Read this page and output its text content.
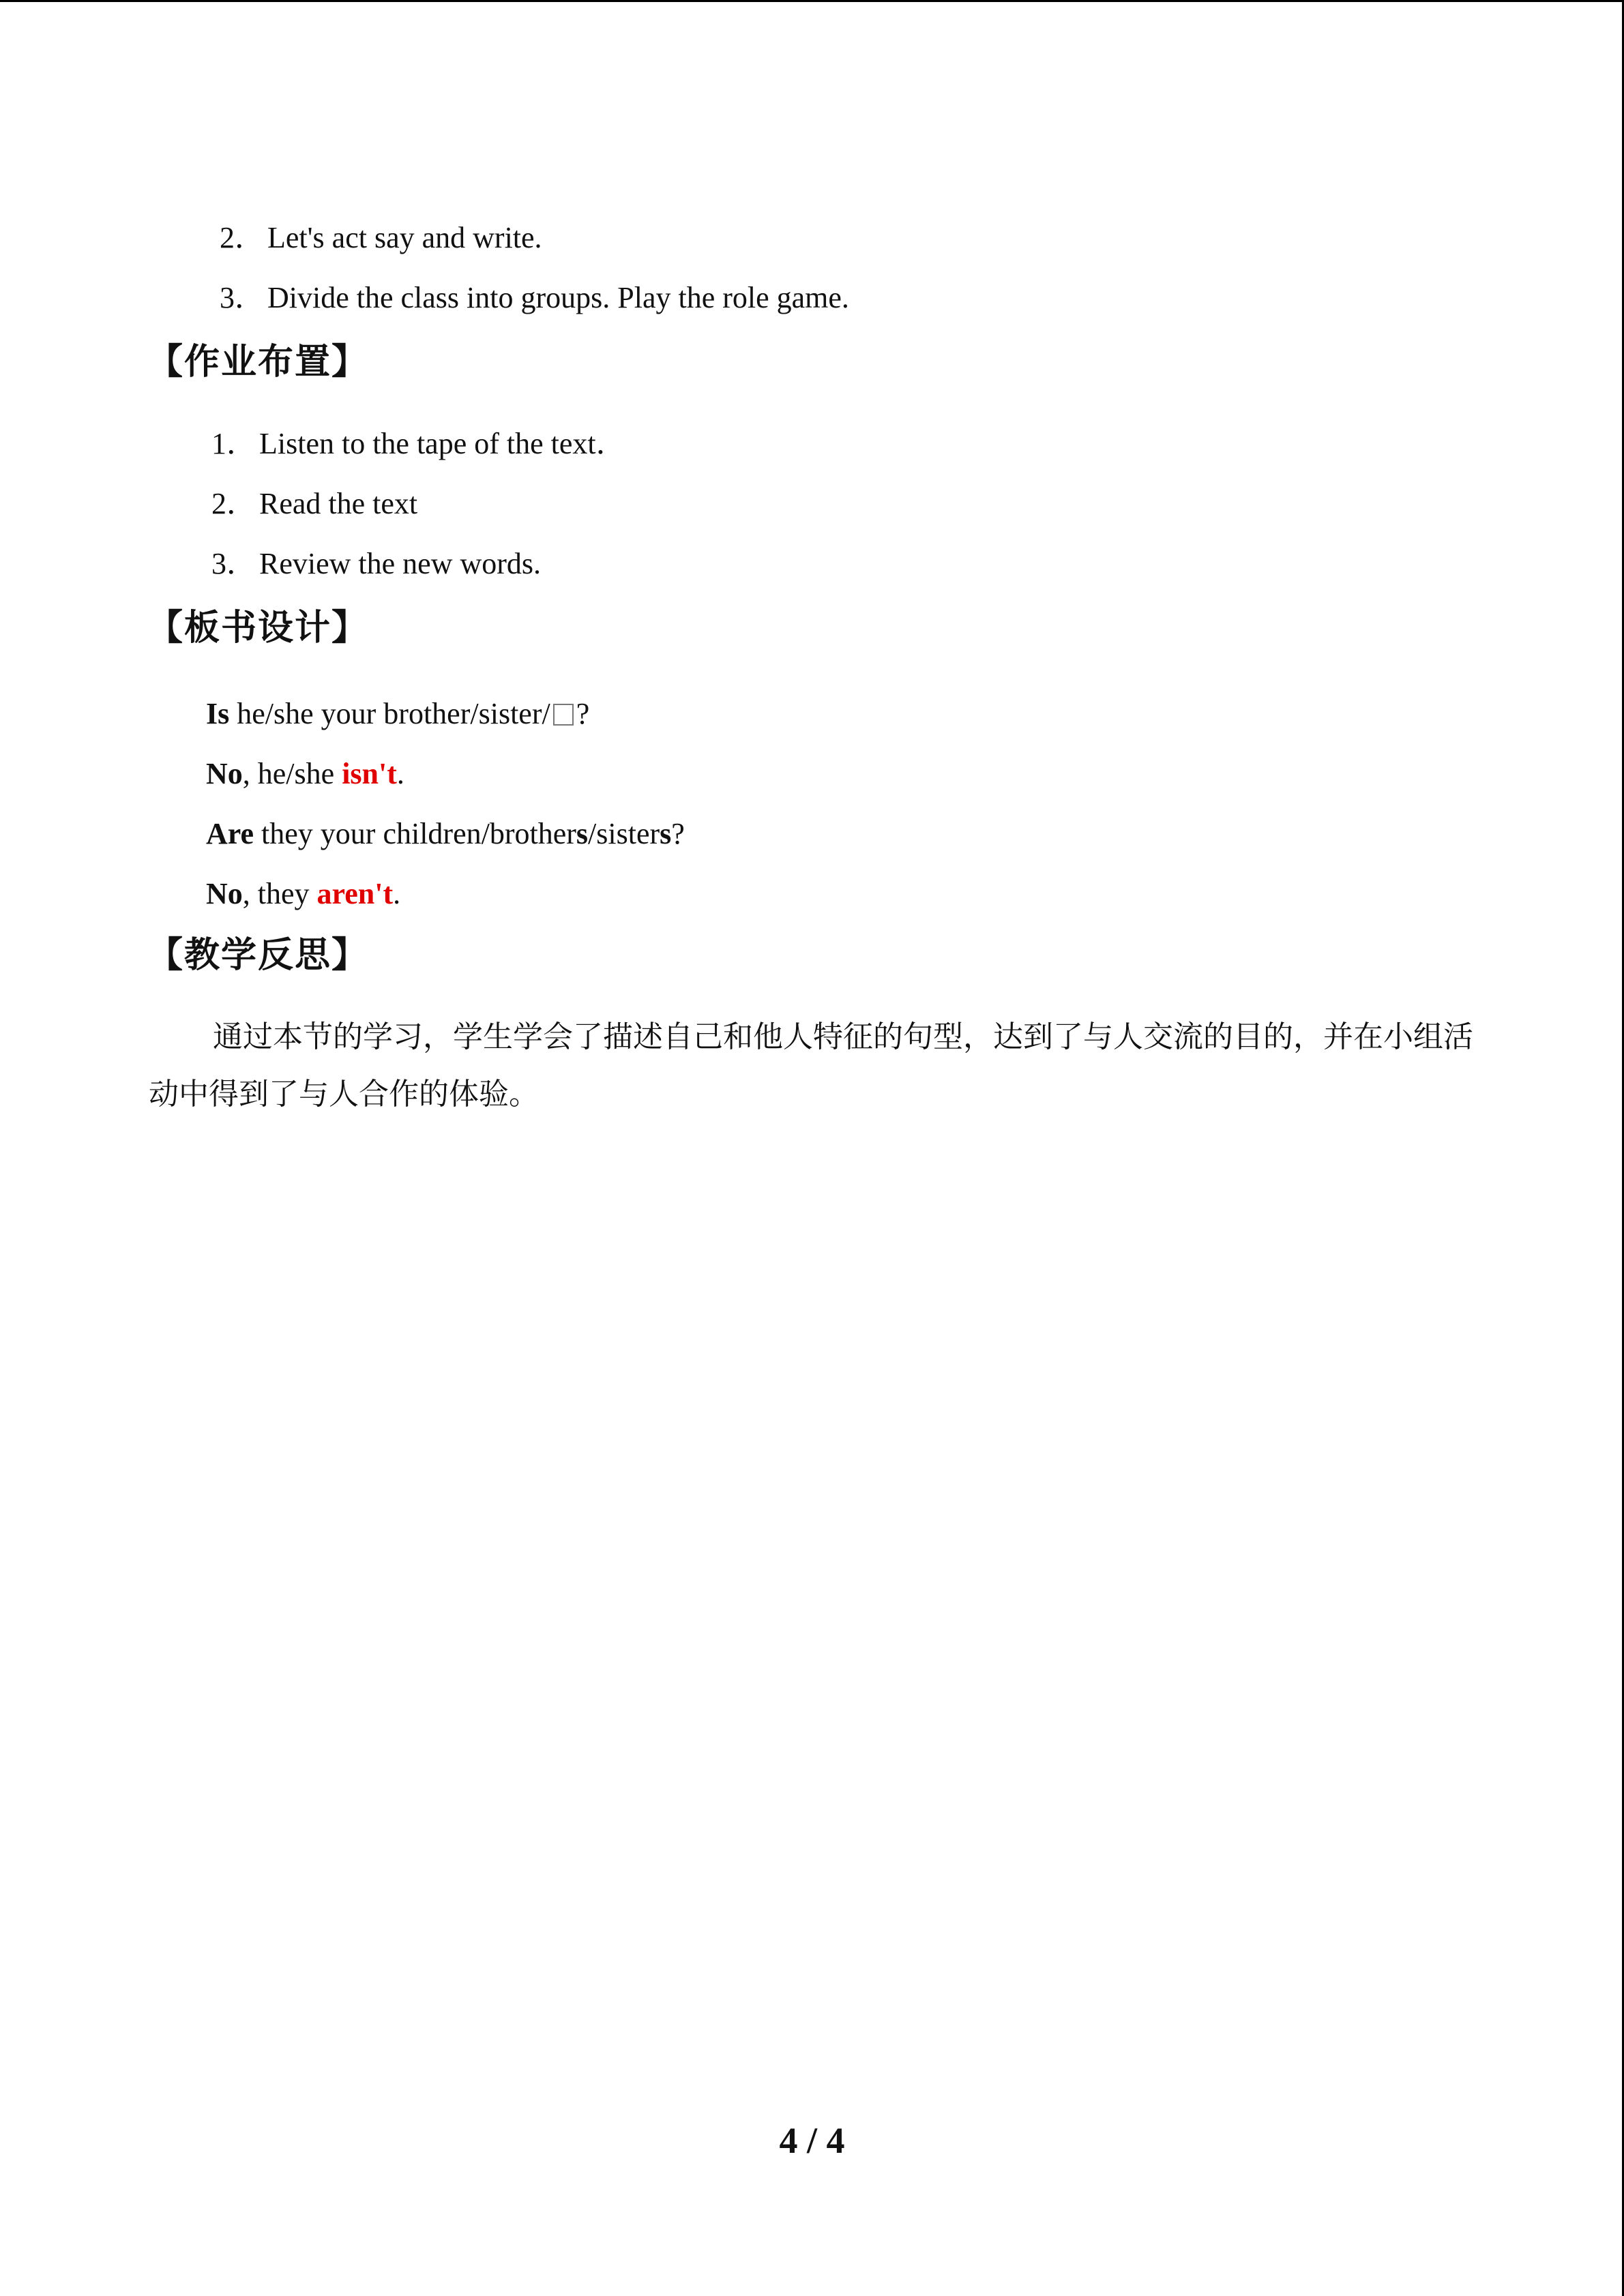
2．Let's act say and write.
3．Divide the class into groups. Play the role game.
【作业布置】
1．Listen to the tape of the text．
2．Read the text
3．Review the new words.
【板书设计】
Is he/she your brother/sister/ ?
No, he/she isn't.
Are they your children/brothers/sisters?
No, they aren't.
【教学反思】
通过本节的学习，学生学会了描述自己和他人特征的句型，达到了与人交流的目的，并在小组活动中得到了与人合作的体验。
4 / 4
